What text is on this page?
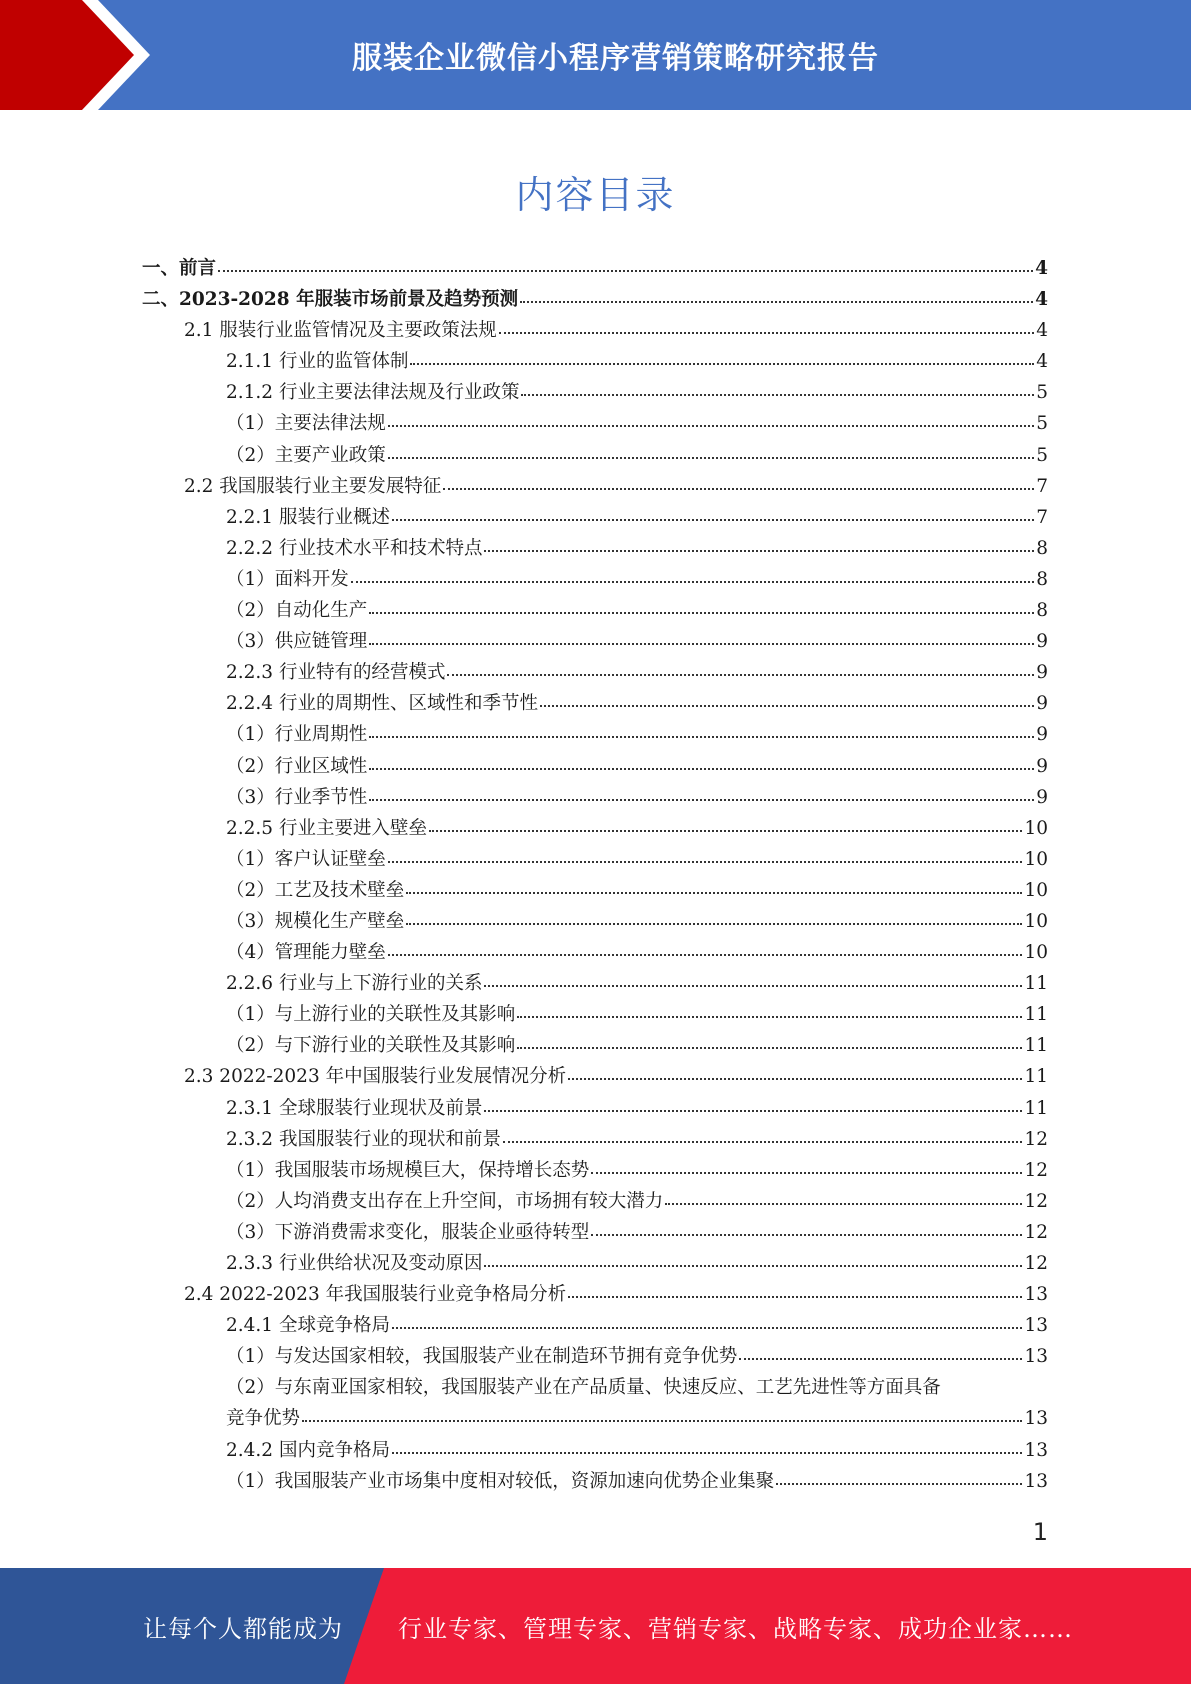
服装企业微信小程序营销策略研究报告
内容目录
一、前言	4
二、2023-2028 年服装市场前景及趋势预测	4
2.1 服装行业监管情况及主要政策法规	4
2.1.1 行业的监管体制	4
2.1.2 行业主要法律法规及行业政策	5
（1）主要法律法规	5
（2）主要产业政策	5
2.2 我国服装行业主要发展特征	7
2.2.1 服装行业概述	7
2.2.2 行业技术水平和技术特点	8
（1）面料开发	8
（2）自动化生产	8
（3）供应链管理	9
2.2.3 行业特有的经营模式	9
2.2.4 行业的周期性、区域性和季节性	9
（1）行业周期性	9
（2）行业区域性	9
（3）行业季节性	9
2.2.5 行业主要进入壁垒	10
（1）客户认证壁垒	10
（2）工艺及技术壁垒	10
（3）规模化生产壁垒	10
（4）管理能力壁垒	10
2.2.6 行业与上下游行业的关系	11
（1）与上游行业的关联性及其影响	11
（2）与下游行业的关联性及其影响	11
2.3 2022-2023 年中国服装行业发展情况分析	11
2.3.1 全球服装行业现状及前景	11
2.3.2 我国服装行业的现状和前景	12
（1）我国服装市场规模巨大，保持增长态势	12
（2）人均消费支出存在上升空间，市场拥有较大潜力	12
（3）下游消费需求变化，服装企业亟待转型	12
2.3.3 行业供给状况及变动原因	12
2.4 2022-2023 年我国服装行业竞争格局分析	13
2.4.1 全球竞争格局	13
（1）与发达国家相较，我国服装产业在制造环节拥有竞争优势	13
（2）与东南亚国家相较，我国服装产业在产品质量、快速反应、工艺先进性等方面具备
竞争优势	13
2.4.2 国内竞争格局	13
（1）我国服装产业市场集中度相对较低，资源加速向优势企业集聚	13
1
让每个人都能成为 行业专家、管理专家、营销专家、战略专家、成功企业家……
